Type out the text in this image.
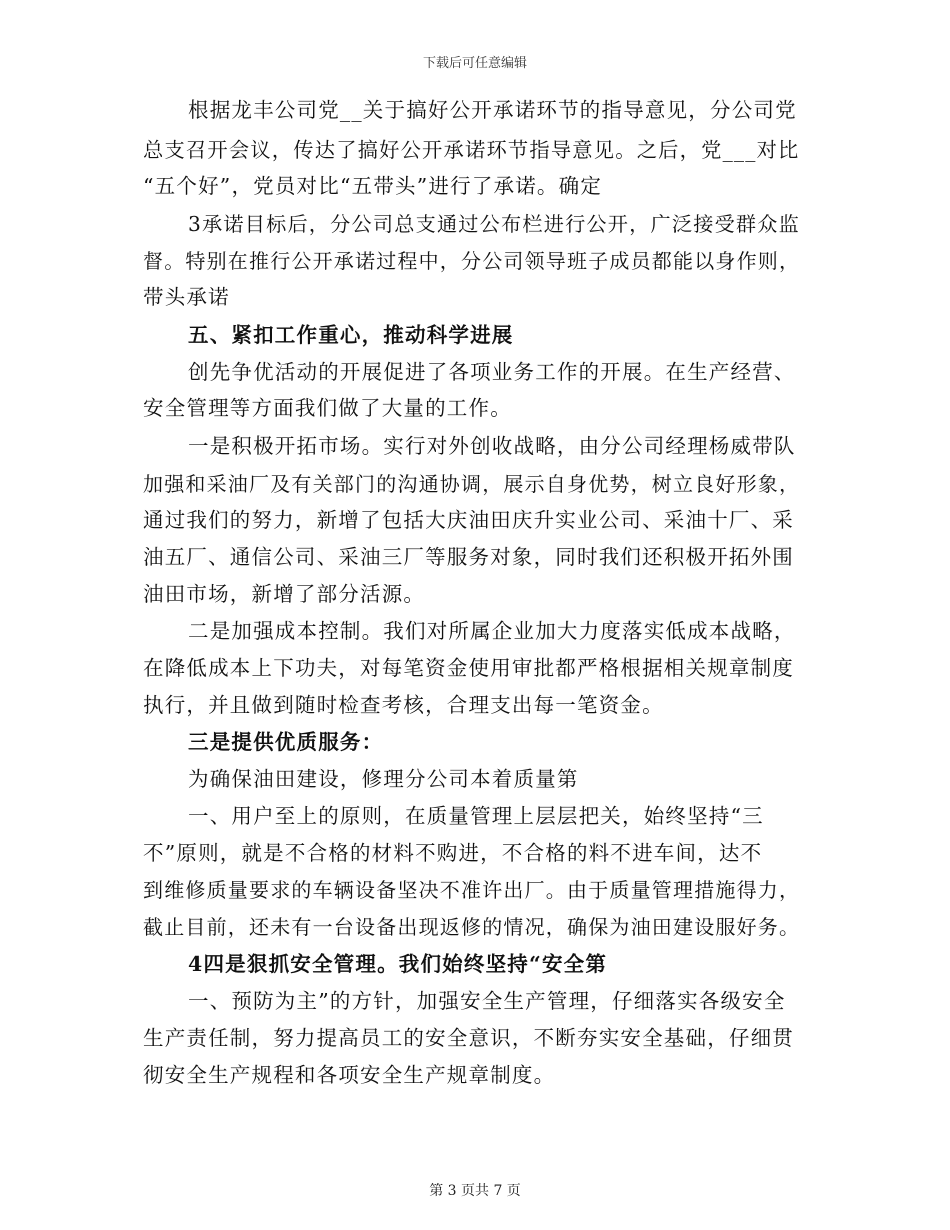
下载后可任意编辑
根据龙丰公司党__关于搞好公开承诺环节的指导意见，分公司党
总支召开会议，传达了搞好公开承诺环节指导意见。之后，党___对比
“五个好”，党员对比“五带头”进行了承诺。确定
3承诺目标后，分公司总支通过公布栏进行公开，广泛接受群众监
督。特别在推行公开承诺过程中，分公司领导班子成员都能以身作则，
带头承诺
五、紧扣工作重心，推动科学进展
创先争优活动的开展促进了各项业务工作的开展。在生产经营、
安全管理等方面我们做了大量的工作。
一是积极开拓市场。实行对外创收战略，由分公司经理杨威带队
加强和采油厂及有关部门的沟通协调，展示自身优势，树立良好形象，
通过我们的努力，新增了包括大庆油田庆升实业公司、采油十厂、采
油五厂、通信公司、采油三厂等服务对象，同时我们还积极开拓外围
油田市场，新增了部分活源。
二是加强成本控制。我们对所属企业加大力度落实低成本战略，
在降低成本上下功夫，对每笔资金使用审批都严格根据相关规章制度
执行，并且做到随时检查考核，合理支出每一笔资金。
三是提供优质服务：
为确保油田建设，修理分公司本着质量第
一、用户至上的原则，在质量管理上层层把关，始终坚持“三
不”原则，就是不合格的材料不购进，不合格的料不进车间，达不
到维修质量要求的车辆设备坚决不准许出厂。由于质量管理措施得力，
截止目前，还未有一台设备出现返修的情况，确保为油田建设服好务。
4四是狠抓安全管理。我们始终坚持“安全第
一、预防为主”的方针，加强安全生产管理，仔细落实各级安全
生产责任制，努力提高员工的安全意识，不断夯实安全基础，仔细贯
彻安全生产规程和各项安全生产规章制度。
第 3 页共 7 页
